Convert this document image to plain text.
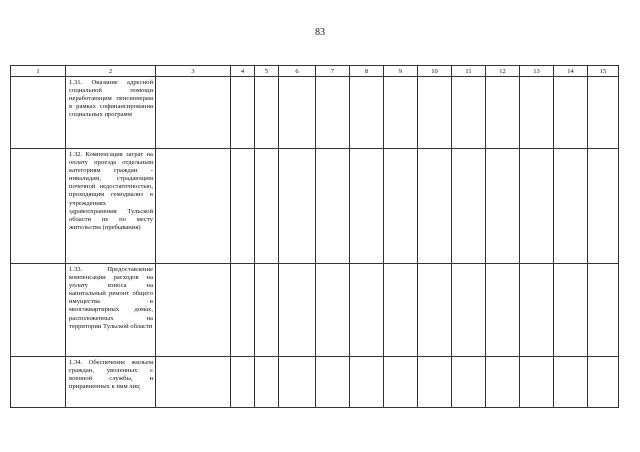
83
1	2	3	4	5	6	7	8	9	10	11	12	13	14	15

	1.31. Оказание адресной социальной помощи неработающим пенсионерам в рамках софинансирования социальных программ													

	1.32. Компенсация затрат на оплату проезда отдельным категориям граждан - инвалидам, страдающим почечной недостаточностью, проходящим гемодиализ в учреждениях здравоохранения Тульской области не по месту жительства (пребывания)													

	1.33. Предоставление компенсации расходов на уплату взноса на капитальный ремонт общего имущества в многоквартирных домах, расположенных на территории Тульской области													

	1.34. Обеспечение жильем граждан, уволенных с военной службы, и приравненных к ним лиц													
